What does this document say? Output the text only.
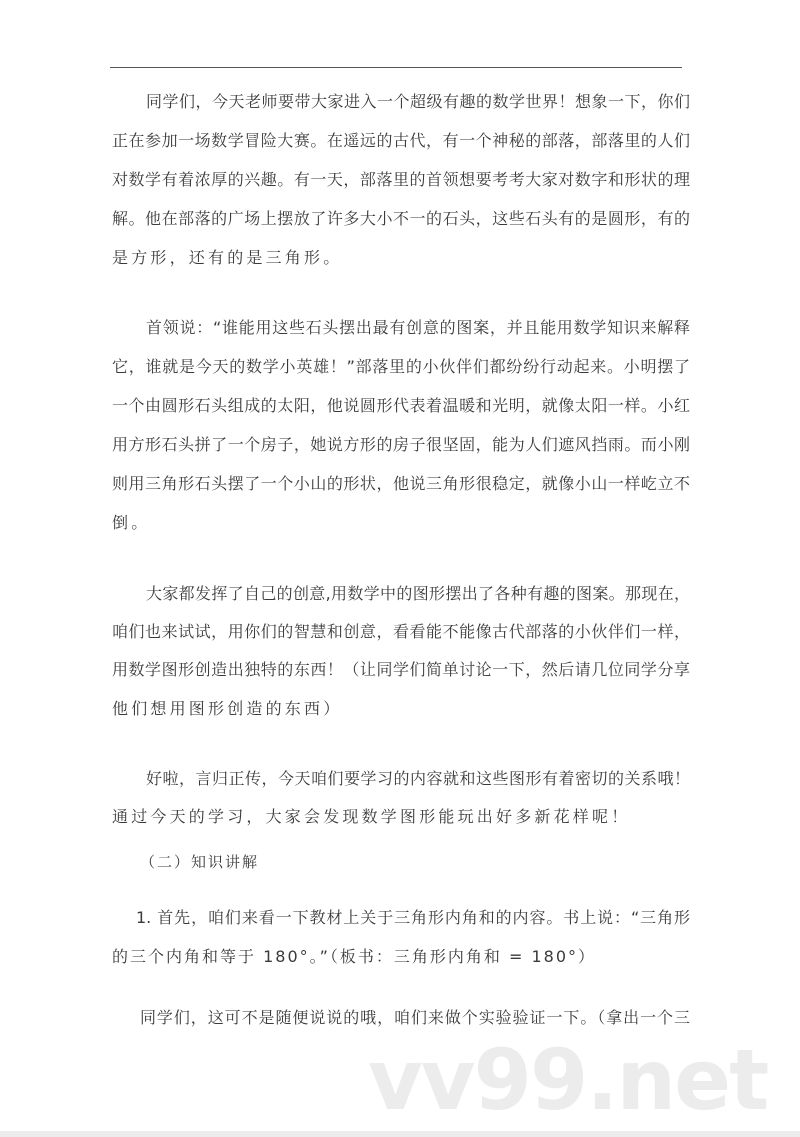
同学们，今天老师要带大家进入一个超级有趣的数学世界！想象一下，你们
正在参加一场数学冒险大赛。在遥远的古代，有一个神秘的部落，部落里的人们
对数学有着浓厚的兴趣。有一天，部落里的首领想要考考大家对数字和形状的理
解。他在部落的广场上摆放了许多大小不一的石头，这些石头有的是圆形，有的
是方形，还有的是三角形。
首领说：“谁能用这些石头摆出最有创意的图案，并且能用数学知识来解释
它，谁就是今天的数学小英雄！”部落里的小伙伴们都纷纷行动起来。小明摆了
一个由圆形石头组成的太阳，他说圆形代表着温暖和光明，就像太阳一样。小红
用方形石头拼了一个房子，她说方形的房子很坚固，能为人们遮风挡雨。而小刚
则用三角形石头摆了一个小山的形状，他说三角形很稳定，就像小山一样屹立不
倒。
大家都发挥了自己的创意,用数学中的图形摆出了各种有趣的图案。那现在，
咱们也来试试，用你们的智慧和创意，看看能不能像古代部落的小伙伴们一样，
用数学图形创造出独特的东西！（让同学们简单讨论一下，然后请几位同学分享
他们想用图形创造的东西）
好啦，言归正传，今天咱们要学习的内容就和这些图形有着密切的关系哦！
通过今天的学习，大家会发现数学图形能玩出好多新花样呢！
（二）知识讲解
1. 首先，咱们来看一下教材上关于三角形内角和的内容。书上说：“三角形
的三个内角和等于 180°。”（板书：三角形内角和 = 180°）
同学们，这可不是随便说说的哦，咱们来做个实验验证一下。（拿出一个三
vv99.net
